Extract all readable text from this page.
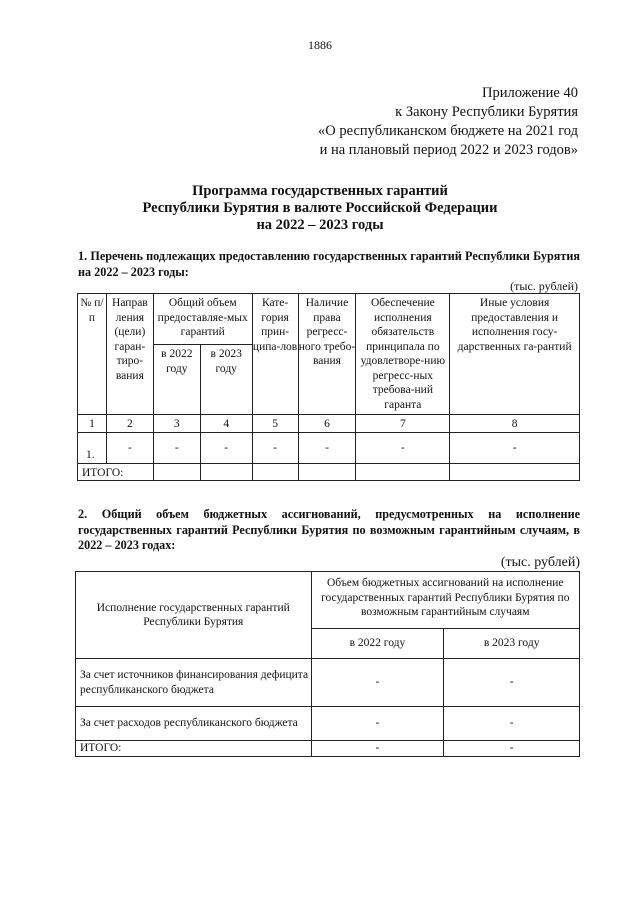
1886
Приложение 40
к Закону Республики Бурятия
«О республиканском бюджете на 2021 год
и на плановый период 2022 и 2023 годов»
Программа государственных гарантий
Республики Бурятия в валюте Российской Федерации
на 2022 – 2023 годы
1. Перечень подлежащих предоставлению государственных гарантий Республики Бурятия на 2022 – 2023 годы:
(тыс. рублей)
№ п/п	Направ ления (цели) гаран-тиро-вания	Общий объем предоставляе-мых гарантий		Кате-гория прин-ципа-лов	Наличие права регресс-ного требо-вания	Обеспечение исполнения обязательств принципала по удовлетворе-нию регресс-ных требова-ний гаранта	Иные условия предоставления и исполнения госу-дарственных га-рантий
		в 2022 году	в 2023 году				
1	2	3	4	5	6	7	8
1.	-	-	-	-	-	-	-
ИТОГО:							
2. Общий объем бюджетных ассигнований, предусмотренных на исполнение государственных гарантий Республики Бурятия по возможным гарантийным случаям, в 2022 – 2023 годах:
(тыс. рублей)
Исполнение государственных гарантий Республики Бурятия	Объем бюджетных ассигнований на исполнение государственных гарантий Республики Бурятия по возможным гарантийным случаям	
	в 2022 году	в 2023 году
За счет источников финансирования дефицита республиканского бюджета	-	-
За счет расходов республиканского бюджета	-	-
ИТОГО:	-	-
